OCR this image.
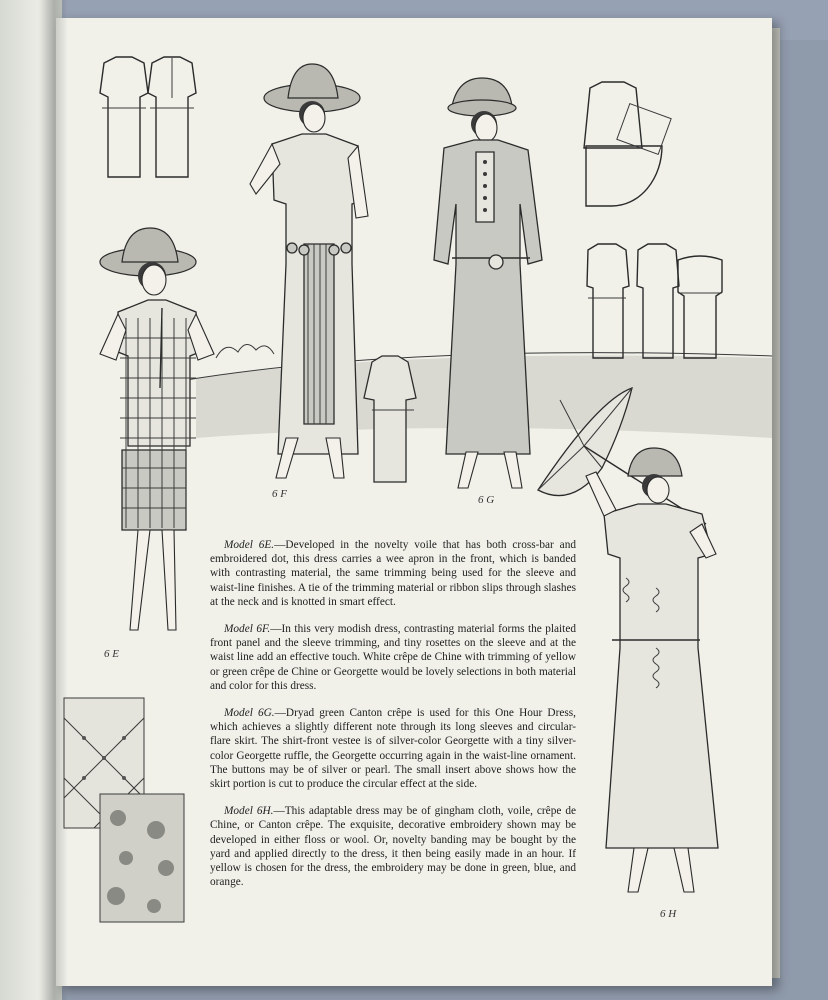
6 F	6 G
6 E
6 H

Model 6E.—Developed in the novelty voile that has both cross-bar and embroidered dot, this dress carries a wee apron in the front, which is banded with contrasting material, the same trimming being used for the sleeve and waist-line finishes. A tie of the trimming material or ribbon slips through slashes at the neck and is knotted in smart effect.

Model 6F.—In this very modish dress, contrasting material forms the plaited front panel and the sleeve trimming, and tiny rosettes on the sleeve and at the waist line add an effective touch. White crêpe de Chine with trimming of yellow or green crêpe de Chine or Georgette would be lovely selections in both material and color for this dress.

Model 6G.—Dryad green Canton crêpe is used for this One Hour Dress, which achieves a slightly different note through its long sleeves and circular-flare skirt. The shirt-front vestee is of silver-color Georgette with a tiny silver-color Georgette ruffle, the Georgette occurring again in the waist-line ornament. The buttons may be of silver or pearl. The small insert above shows how the skirt portion is cut to produce the circular effect at the side.

Model 6H.—This adaptable dress may be of gingham cloth, voile, crêpe de Chine, or Canton crêpe. The exquisite, decorative embroidery shown may be developed in either floss or wool. Or, novelty banding may be bought by the yard and applied directly to the dress, it then being easily made in an hour. If yellow is chosen for the dress, the embroidery may be done in green, blue, and orange.
